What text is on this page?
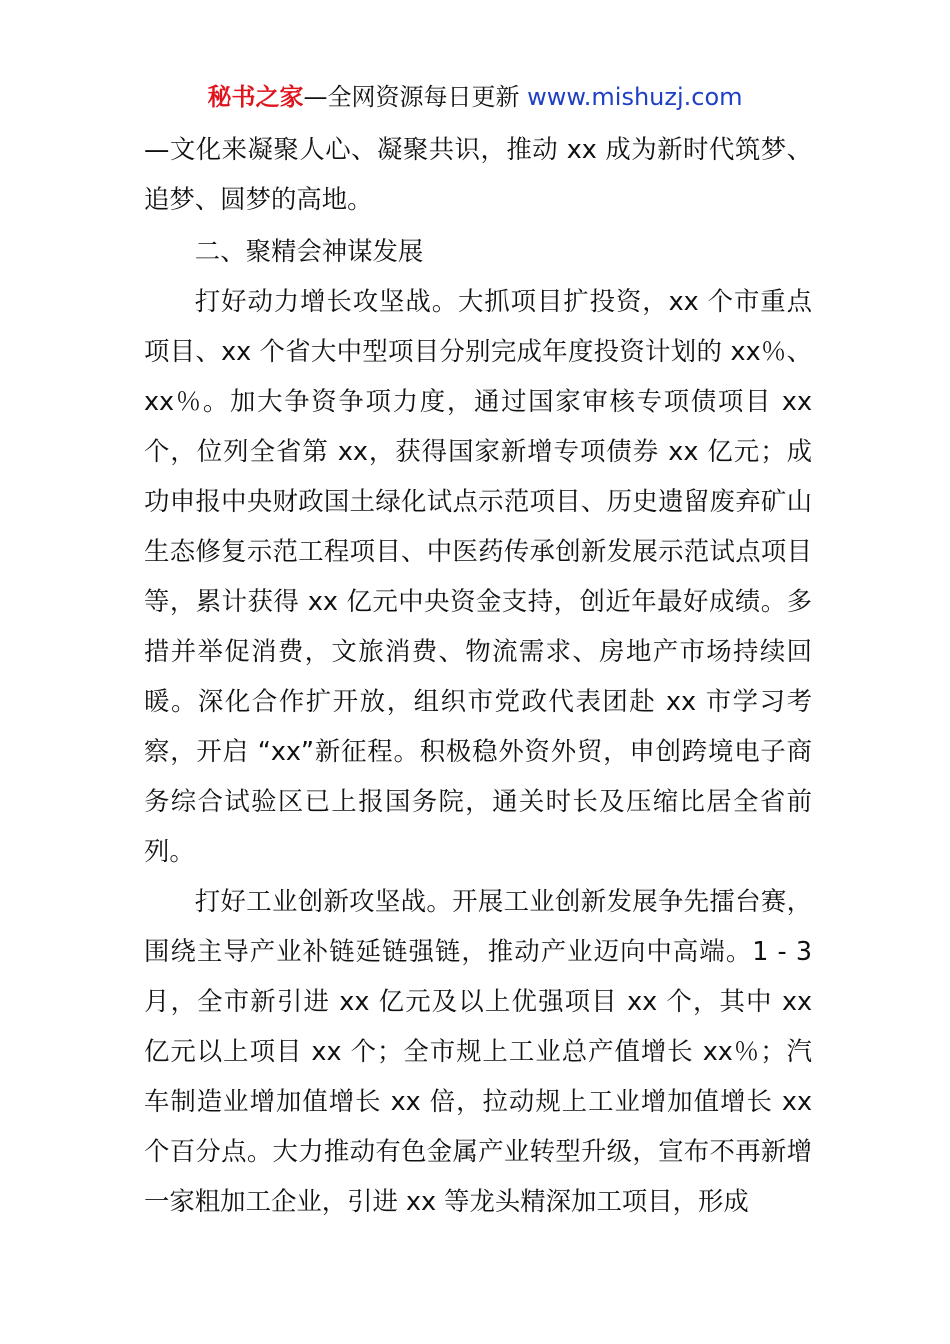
秘书之家—全网资源每日更新 www.mishuzj.com

—文化来凝聚人心、凝聚共识，推动 xx 成为新时代筑梦、追梦、圆梦的高地。

二、聚精会神谋发展

打好动力增长攻坚战。大抓项目扩投资，xx 个市重点项目、xx 个省大中型项目分别完成年度投资计划的 xx％、xx％。加大争资争项力度，通过国家审核专项债项目 xx 个，位列全省第 xx，获得国家新增专项债券 xx 亿元；成功申报中央财政国土绿化试点示范项目、历史遗留废弃矿山生态修复示范工程项目、中医药传承创新发展示范试点项目等，累计获得 xx 亿元中央资金支持，创近年最好成绩。多措并举促消费，文旅消费、物流需求、房地产市场持续回暖。深化合作扩开放，组织市党政代表团赴 xx 市学习考察，开启 “xx”新征程。积极稳外资外贸，申创跨境电子商务综合试验区已上报国务院，通关时长及压缩比居全省前列。

打好工业创新攻坚战。开展工业创新发展争先擂台赛，围绕主导产业补链延链强链，推动产业迈向中高端。1 - 3 月，全市新引进 xx 亿元及以上优强项目 xx 个，其中 xx 亿元以上项目 xx 个；全市规上工业总产值增长 xx％；汽车制造业增加值增长 xx 倍，拉动规上工业增加值增长 xx 个百分点。大力推动有色金属产业转型升级，宣布不再新增一家粗加工企业，引进 xx 等龙头精深加工项目，形成
